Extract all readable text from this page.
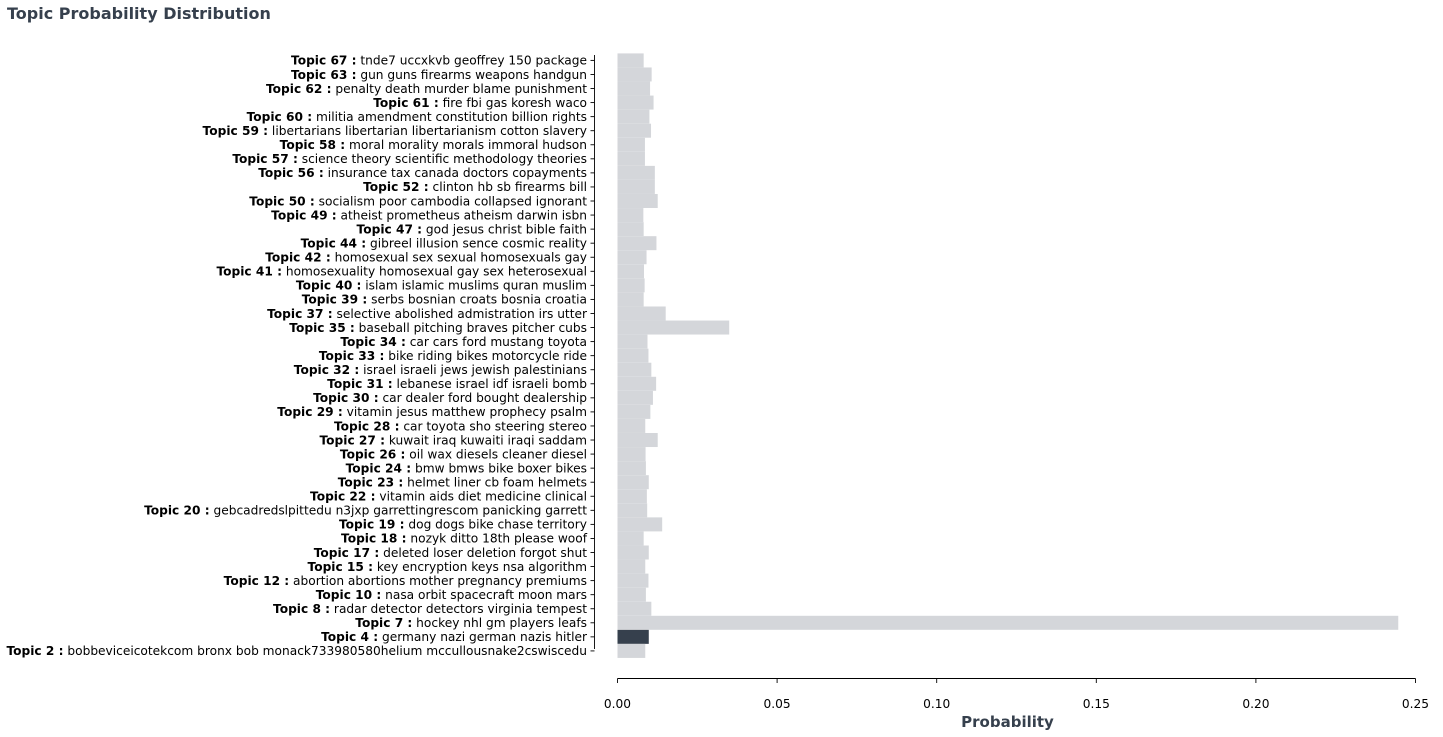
Topic Probability Distribution
Topic 67 : tnde7 uccxkvb geoffrey 150 package
Topic 63 : gun guns firearms weapons handgun
Topic 62 : penalty death murder blame punishment
Topic 61 : fire fbi gas koresh waco
Topic 60 : militia amendment constitution billion rights
Topic 59 : libertarians libertarian libertarianism cotton slavery
Topic 58 : moral morality morals immoral hudson
Topic 57 : science theory scientific methodology theories
Topic 56 : insurance tax canada doctors copayments
Topic 52 : clinton hb sb firearms bill
Topic 50 : socialism poor cambodia collapsed ignorant
Topic 49 : atheist prometheus atheism darwin isbn
Topic 47 : god jesus christ bible faith
Topic 44 : gibreel illusion sence cosmic reality
Topic 42 : homosexual sex sexual homosexuals gay
Topic 41 : homosexuality homosexual gay sex heterosexual
Topic 40 : islam islamic muslims quran muslim
Topic 39 : serbs bosnian croats bosnia croatia
Topic 37 : selective abolished admistration irs utter
Topic 35 : baseball pitching braves pitcher cubs
Topic 34 : car cars ford mustang toyota
Topic 33 : bike riding bikes motorcycle ride
Topic 32 : israel israeli jews jewish palestinians
Topic 31 : lebanese israel idf israeli bomb
Topic 30 : car dealer ford bought dealership
Topic 29 : vitamin jesus matthew prophecy psalm
Topic 28 : car toyota sho steering stereo
Topic 27 : kuwait iraq kuwaiti iraqi saddam
Topic 26 : oil wax diesels cleaner diesel
Topic 24 : bmw bmws bike boxer bikes
Topic 23 : helmet liner cb foam helmets
Topic 22 : vitamin aids diet medicine clinical
Topic 20 : gebcadredslpittedu n3jxp garrettingrescom panicking garrett
Topic 19 : dog dogs bike chase territory
Topic 18 : nozyk ditto 18th please woof
Topic 17 : deleted loser deletion forgot shut
Topic 15 : key encryption keys nsa algorithm
Topic 12 : abortion abortions mother pregnancy premiums
Topic 10 : nasa orbit spacecraft moon mars
Topic 8 : radar detector detectors virginia tempest
Topic 7 : hockey nhl gm players leafs
Topic 4 : germany nazi german nazis hitler
Topic 2 : bobbeviceicotekcom bronx bob monack733980580helium mccullousnake2cswiscedu
0.00	0.05	0.10	0.15	0.20	0.25
Probability
